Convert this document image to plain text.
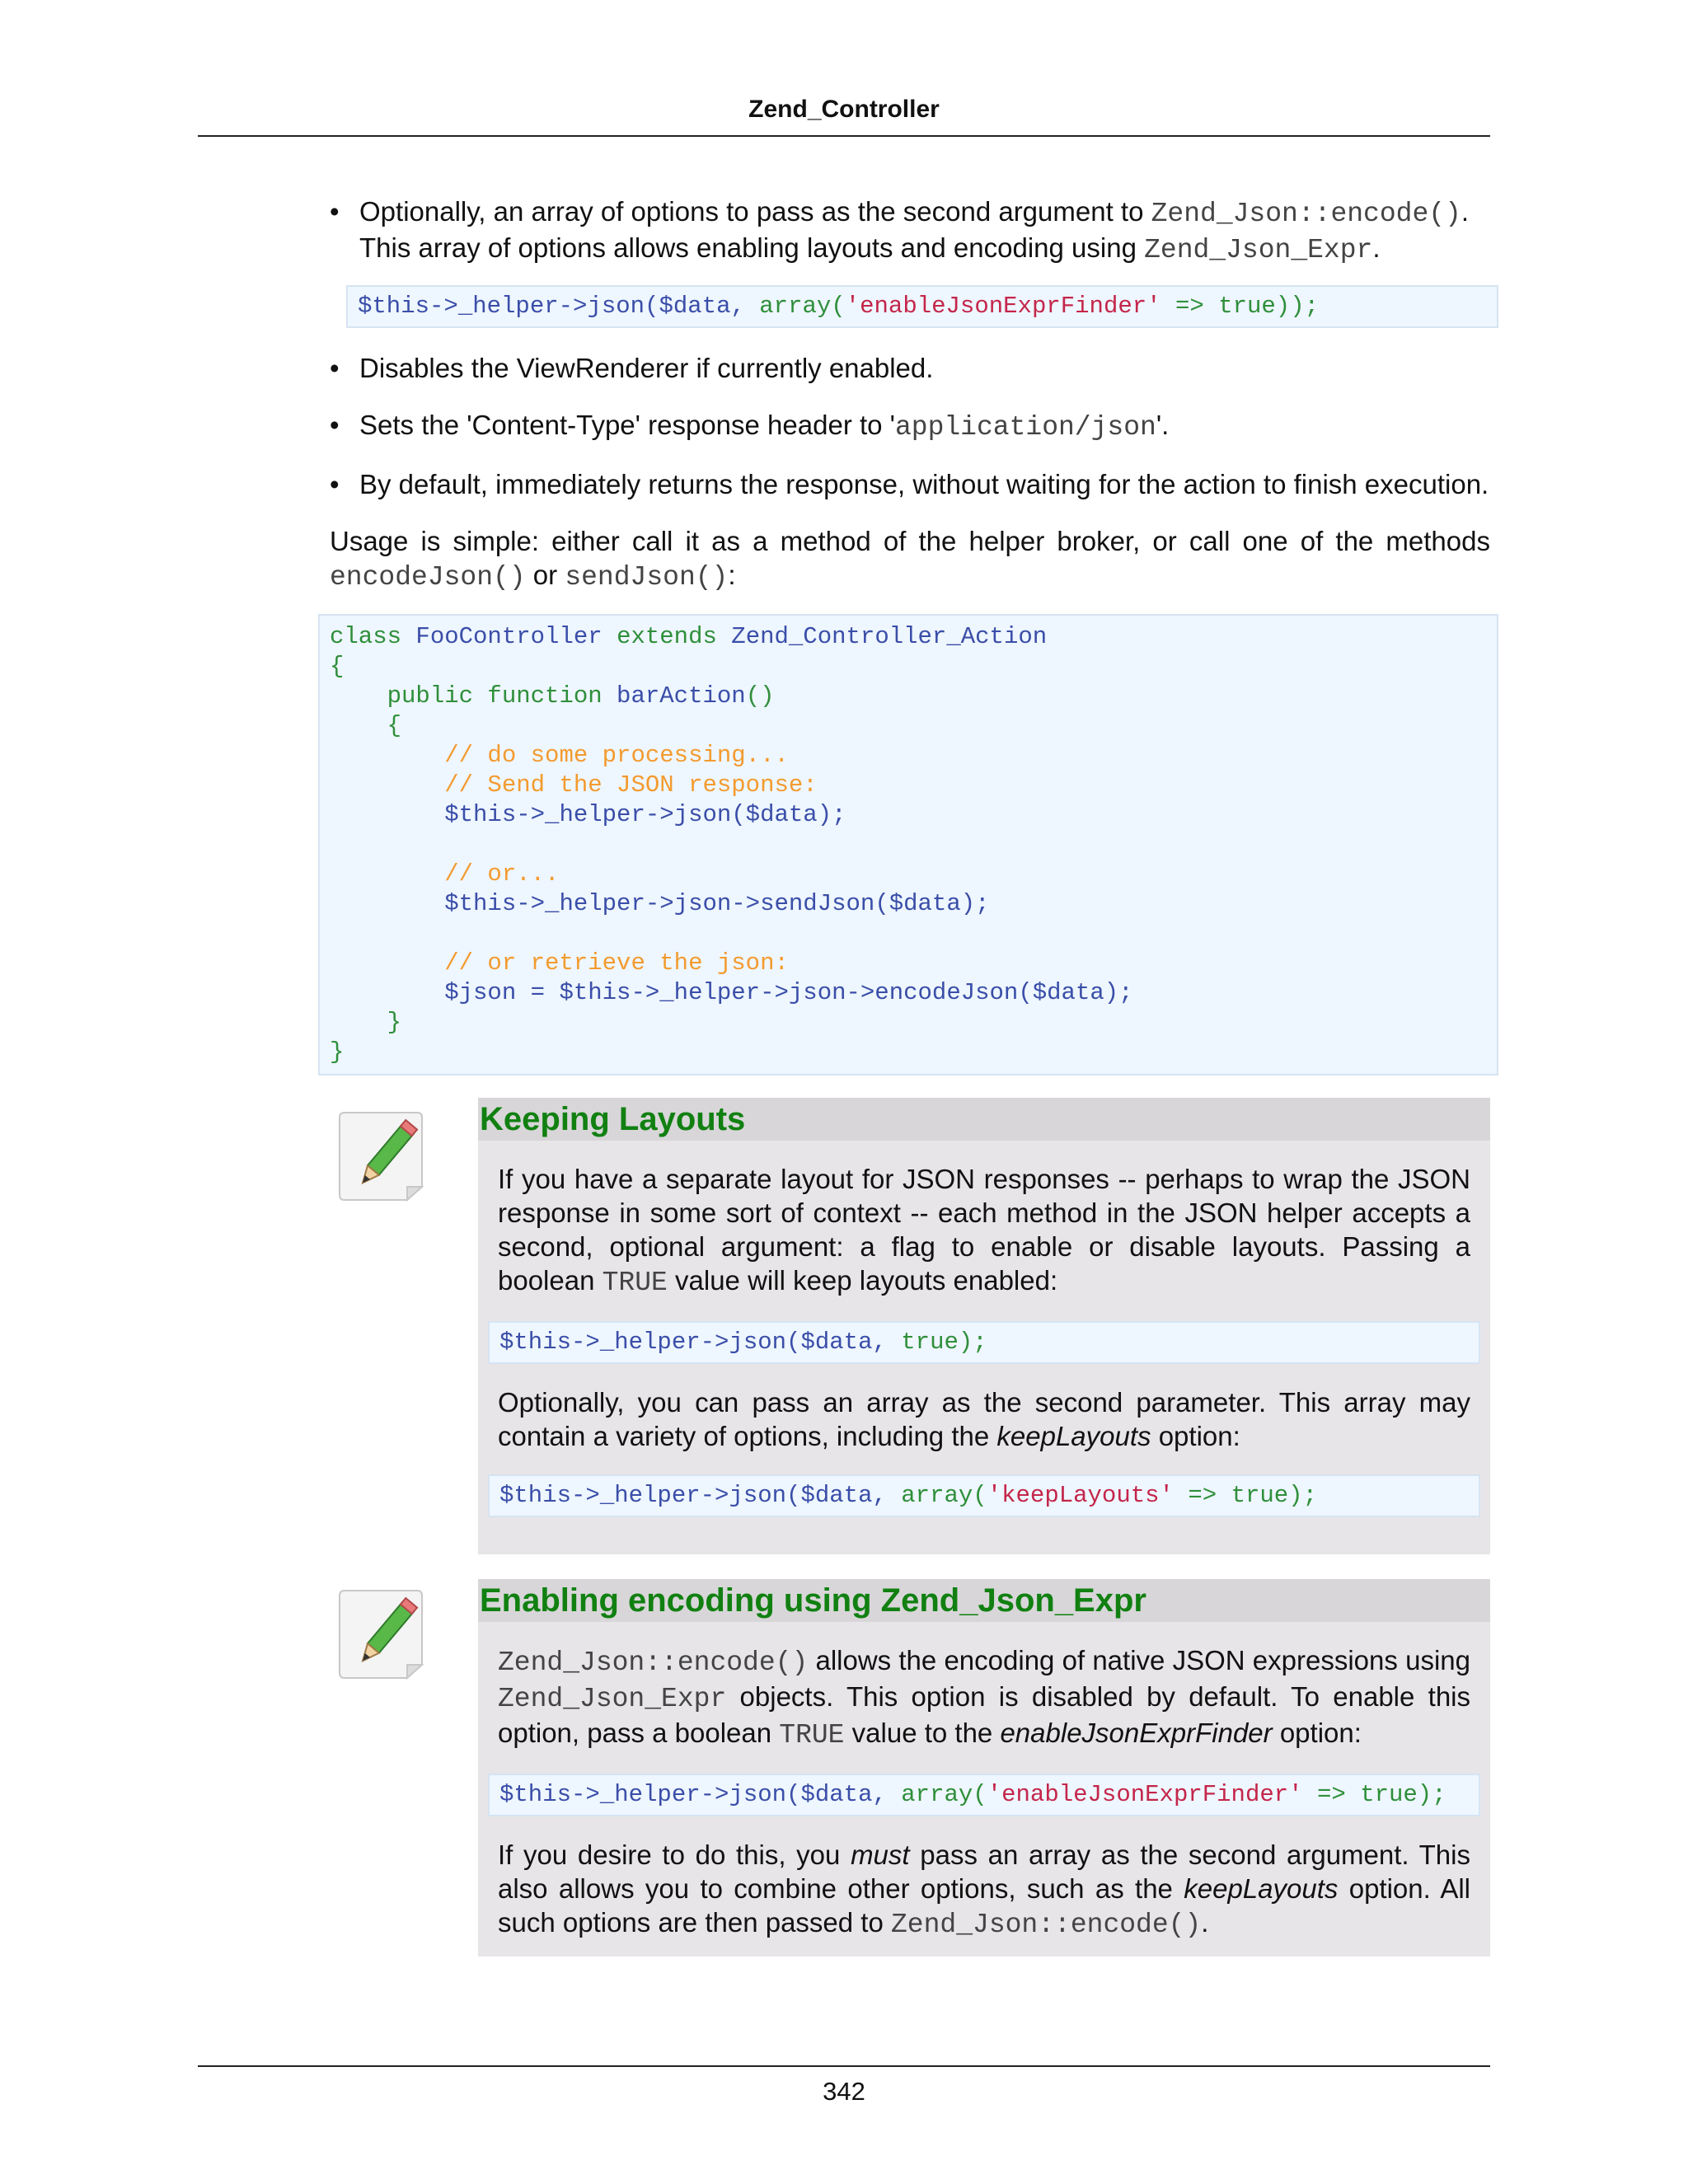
Zend_Controller
• Optionally, an array of options to pass as the second argument to Zend_Json::encode(). This array of options allows enabling layouts and encoding using Zend_Json_Expr.
$this->_helper->json($data, array('enableJsonExprFinder' => true));
• Disables the ViewRenderer if currently enabled.
• Sets the 'Content-Type' response header to 'application/json'.
• By default, immediately returns the response, without waiting for the action to finish execution.

Usage is simple: either call it as a method of the helper broker, or call one of the methods encodeJson() or sendJson():

class FooController extends Zend_Controller_Action
{
public function barAction()
{
// do some processing...
// Send the JSON response:
$this->_helper->json($data);

// or...
$this->_helper->json->sendJson($data);

// or retrieve the json:
$json = $this->_helper->json->encodeJson($data);
}
}
Keeping Layouts

If you have a separate layout for JSON responses -- perhaps to wrap the JSON response in some sort of context -- each method in the JSON helper accepts a second, optional argument: a flag to enable or disable layouts. Passing a boolean TRUE value will keep layouts enabled:

$this->_helper->json($data, true);

Optionally, you can pass an array as the second parameter. This array may contain a variety of options, including the keepLayouts option:

$this->_helper->json($data, array('keepLayouts' => true);
Enabling encoding using Zend_Json_Expr

Zend_Json::encode() allows the encoding of native JSON expressions using Zend_Json_Expr objects. This option is disabled by default. To enable this option, pass a boolean TRUE value to the enableJsonExprFinder option:

$this->_helper->json($data, array('enableJsonExprFinder' => true);

If you desire to do this, you must pass an array as the second argument. This also allows you to combine other options, such as the keepLayouts option. All such options are then passed to Zend_Json::encode().

342
